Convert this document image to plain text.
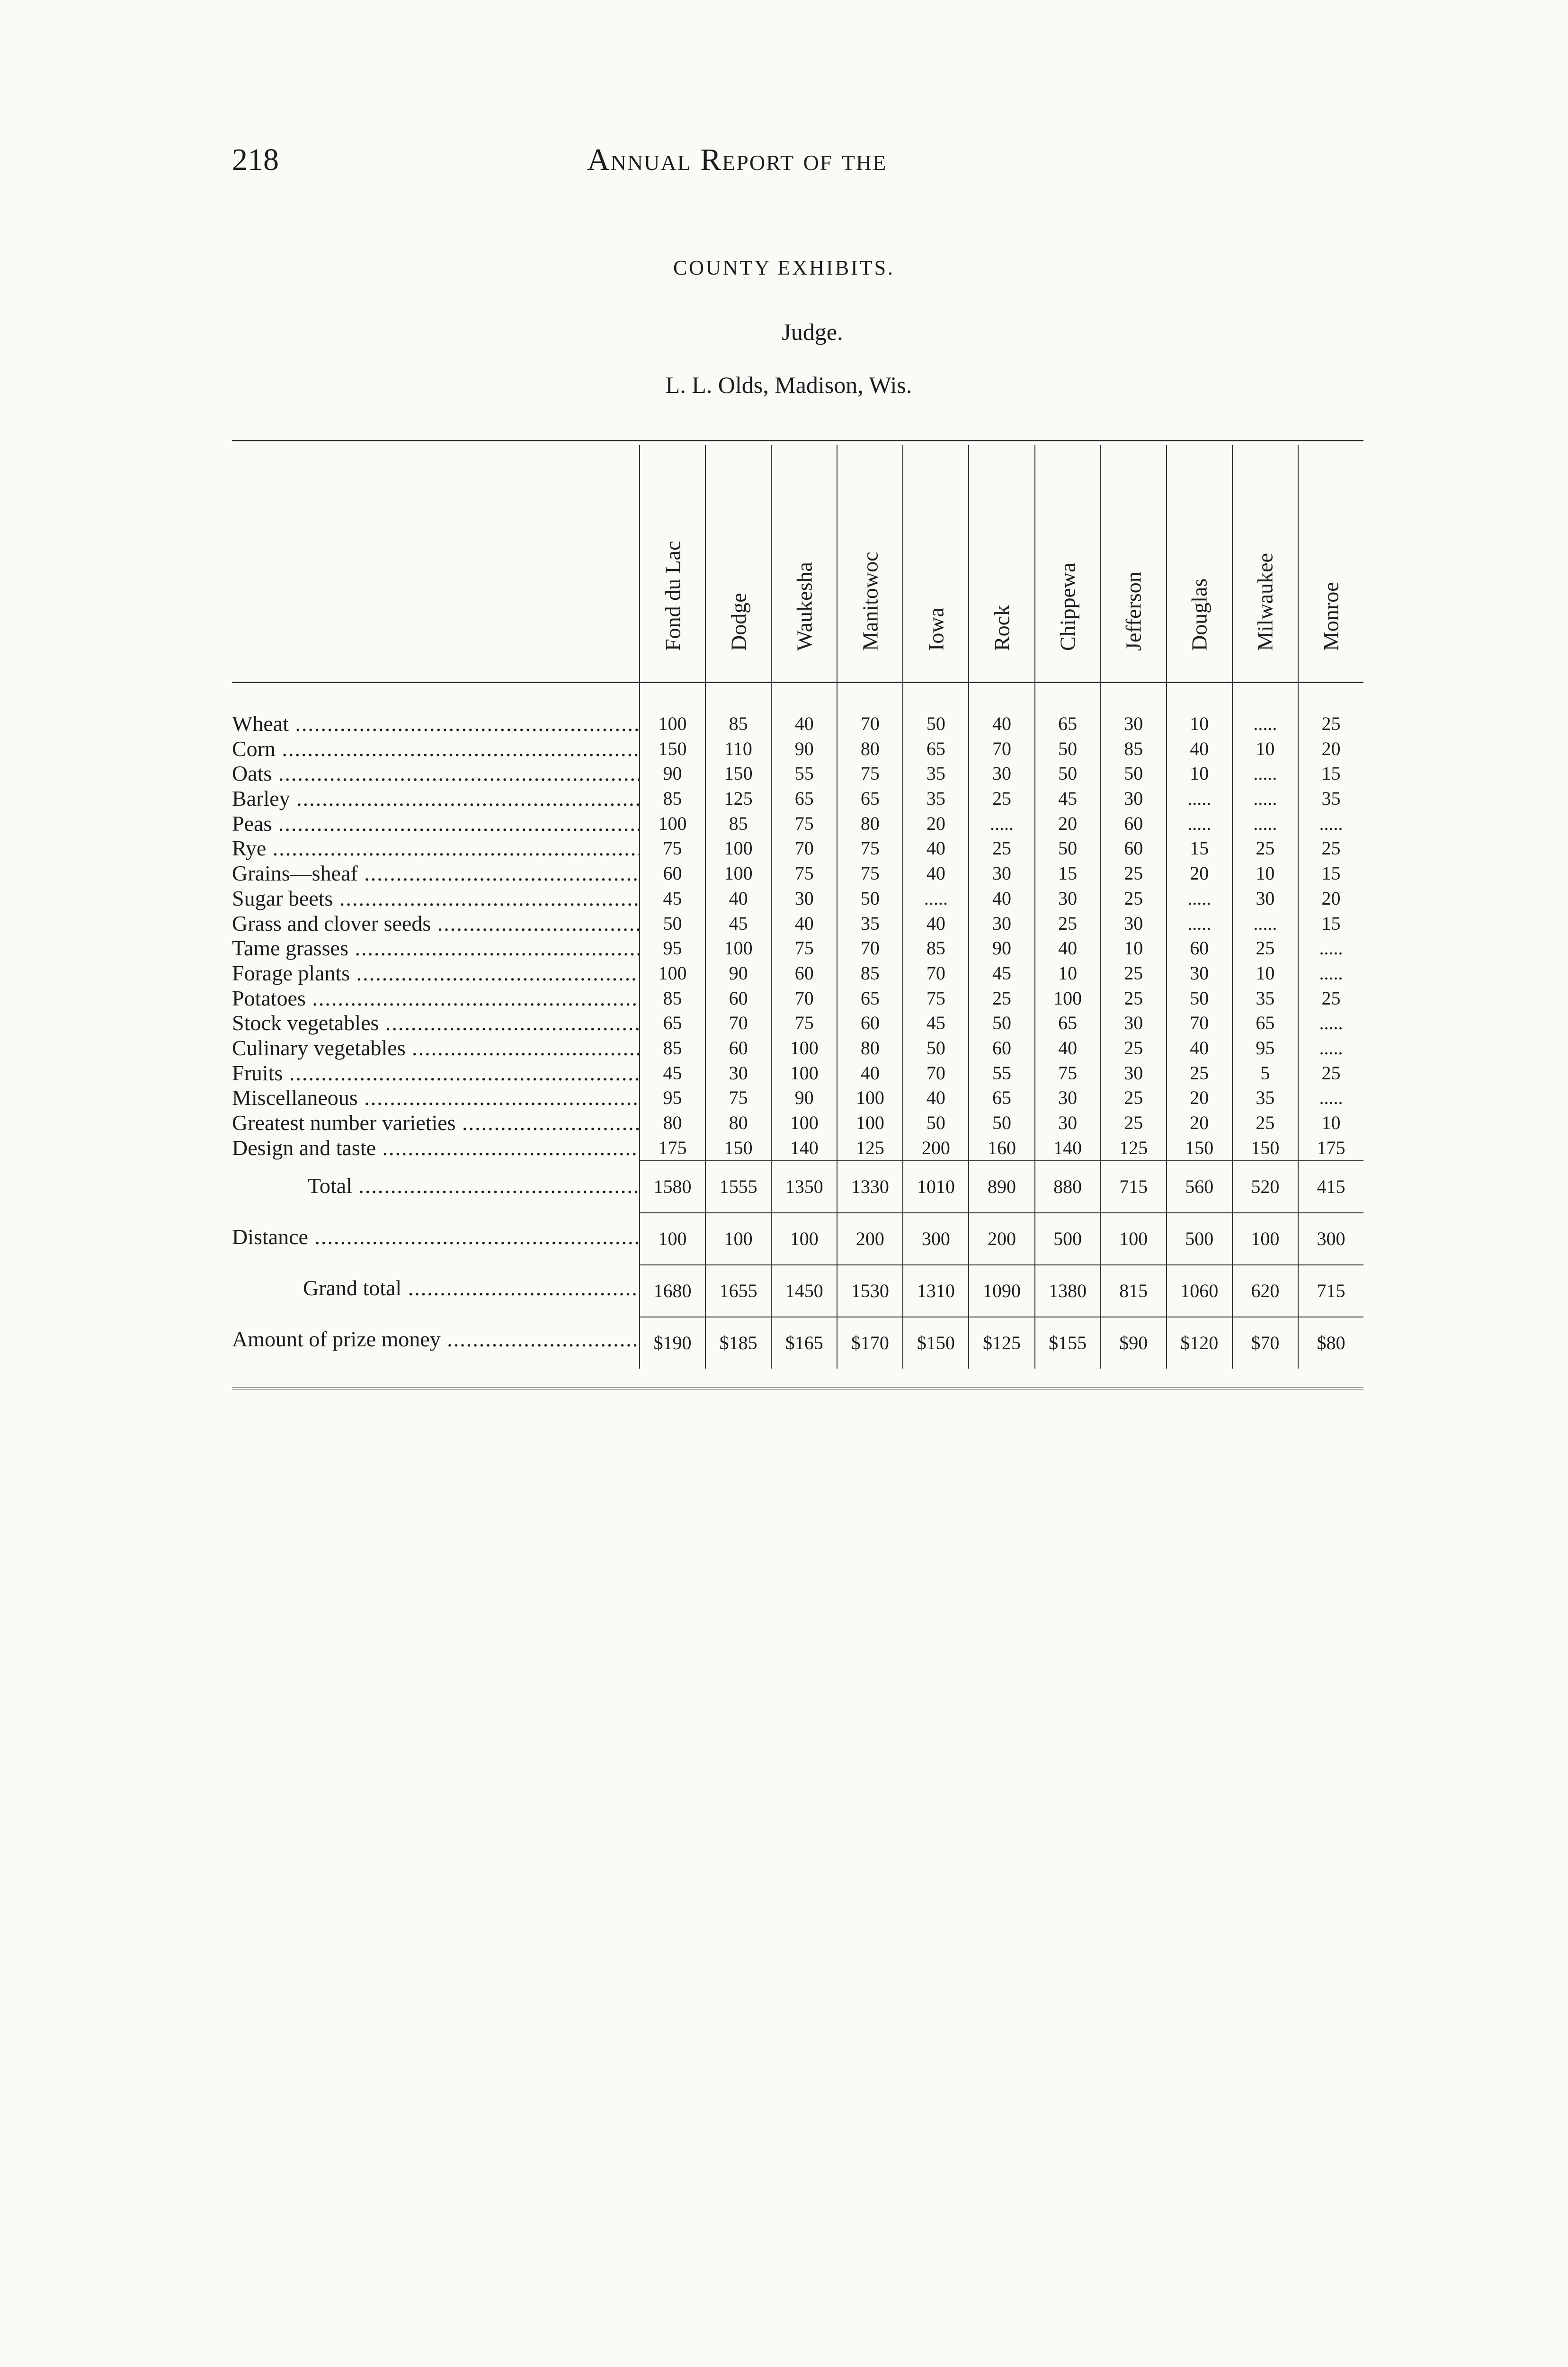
218	Annual Report of the
COUNTY EXHIBITS.
Judge.
L. L. Olds, Madison, Wis.
Wheat .....
Corn .....
Oats .....
Barley .....
Peas .....
Rye .....
Grains—sheaf .....
Sugar beets .....
Grass and clover seeds .....
Tame grasses .....
Forage plants .....
Potatoes .....
Stock vegetables .....
Culinary vegetables .....
Fruits .....
Miscellaneous .....
Greatest number varieties .....
Design and taste .....
Total .....
Distance .....
Grand total .....
Amount of prize money .....
Fond du Lac
100
150
90
85
100
75
60
45
50
95
100
85
65
85
45
95
80
175
1580
100
1680
$190
Dodge
85
110
150
125
85
100
100
40
45
100
90
60
70
60
30
75
80
150
1555
100
1655
$185
Waukesha
40
90
55
65
75
70
75
30
40
75
60
70
75
100
100
90
100
140
1350
100
1450
$165
Manitowoc
70
80
75
65
80
75
75
50
35
70
85
65
60
80
40
100
100
125
1330
200
1530
$170
Iowa
50
65
35
35
20
40
40
.....
40
85
70
75
45
50
70
40
50
200
1010
300
1310
$150
Rock
40
70
30
25
.....
25
30
40
30
90
45
25
50
60
55
65
50
160
890
200
1090
$125
Chippewa
65
50
50
45
20
50
15
30
25
40
10
100
65
40
75
30
30
140
880
500
1380
$155
Jefferson
30
85
50
30
60
60
25
25
30
10
25
25
30
25
30
25
25
125
715
100
815
$90
Douglas
10
40
10
.....
.....
15
20
.....
.....
60
30
50
70
40
25
20
20
150
560
500
1060
$120
Milwaukee
.....
10
.....
.....
.....
25
10
30
.....
25
10
35
65
95
5
35
25
150
520
100
620
$70
Monroe
25
20
15
35
.....
25
15
20
15
.....
.....
25
.....
.....
25
.....
10
175
415
300
715
$80
